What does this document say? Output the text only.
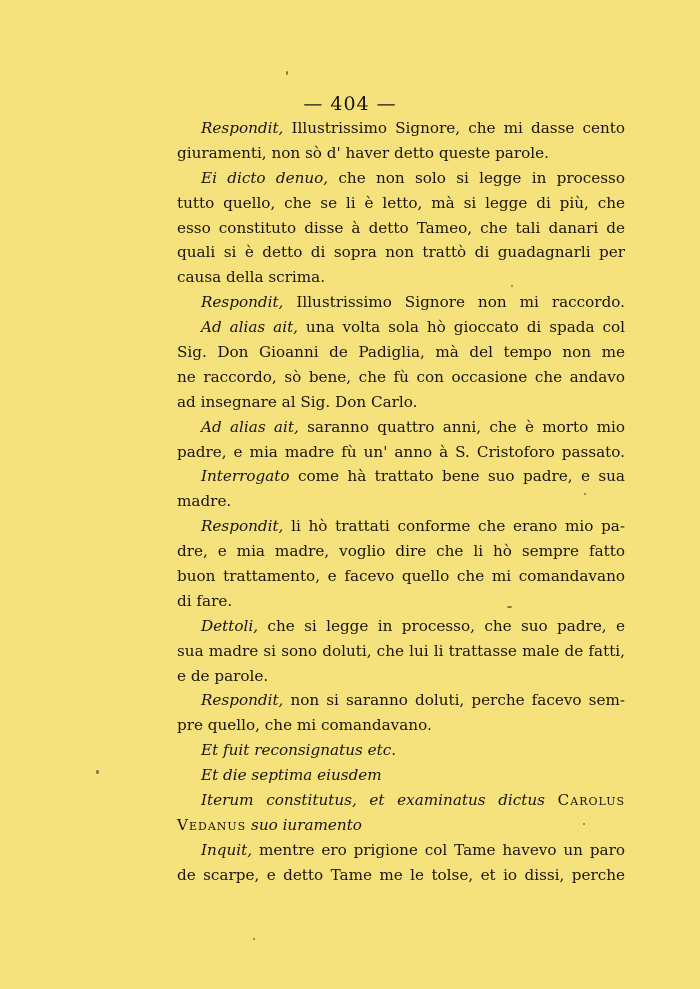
— 404 —
Respondit, Illustrissimo Signore, che mi dasse cento
giuramenti, non sò d' haver detto queste parole.
Ei dicto denuo, che non solo si legge in processo
tutto quello, che se li è letto, mà si legge di più, che
esso constituto disse à detto Tameo, che tali danari de
quali si è detto di sopra non trattò di guadagnarli per
causa della scrima.
Respondit, Illustrissimo Signore non mi raccordo.
Ad alias ait, una volta sola hò gioccato di spada col
Sig. Don Gioanni de Padiglia, mà del tempo non me
ne raccordo, sò bene, che fù con occasione che andavo
ad insegnare al Sig. Don Carlo.
Ad alias ait, saranno quattro anni, che è morto mio
padre, e mia madre fù un' anno à S. Cristoforo passato.
Interrogato come hà trattato bene suo padre, e sua
madre.
Respondit, li hò trattati conforme che erano mio pa-
dre, e mia madre, voglio dire che li hò sempre fatto
buon trattamento, e facevo quello che mi comandavano
di fare.
Dettoli, che si legge in processo, che suo padre, e
sua madre si sono doluti, che lui li trattasse male de fatti,
e de parole.
Respondit, non si saranno doluti, perche facevo sem-
pre quello, che mi comandavano.
Et fuit reconsignatus etc.
Et die septima eiusdem
Iterum constitutus, et examinatus dictus Carolus
Vedanus suo iuramento
Inquit, mentre ero prigione col Tame havevo un paro
de scarpe, e detto Tame me le tolse, et io dissi, perche
